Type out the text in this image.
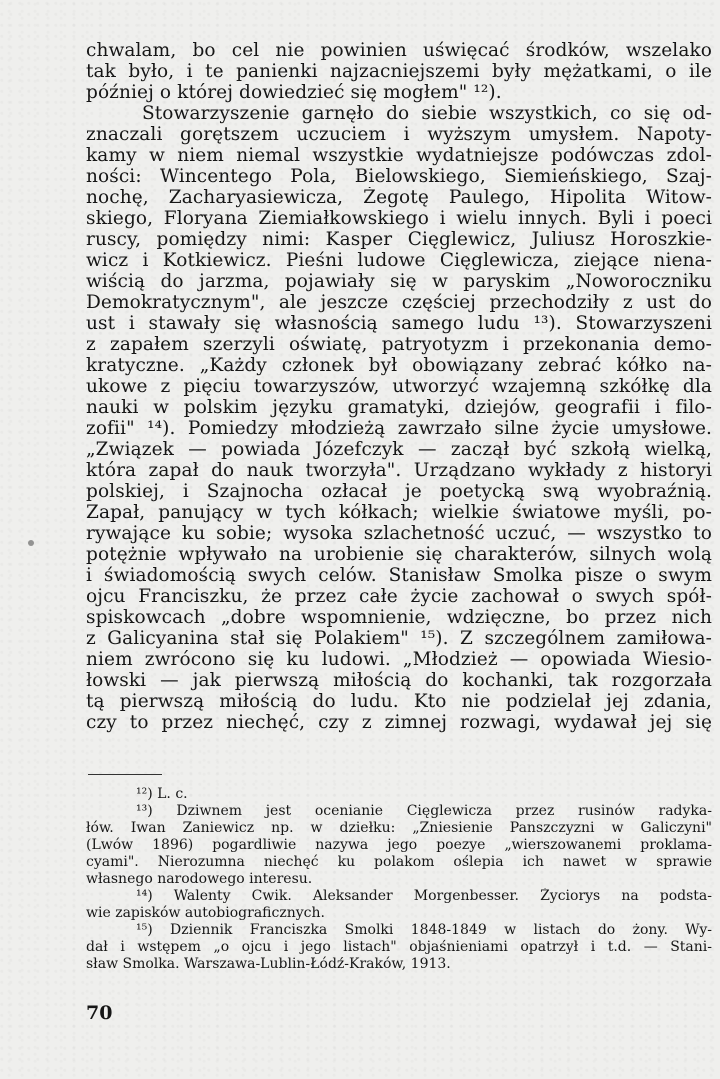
chwalam, bo cel nie powinien uświęcać środków, wszelako
tak było, i te panienki najzacniejszemi były mężatkami, o ile
później o której dowiedzieć się mogłem" ¹²).
Stowarzyszenie garnęło do siebie wszystkich, co się od-
znaczali gorętszem uczuciem i wyższym umysłem. Napoty-
kamy w niem niemal wszystkie wydatniejsze podówczas zdol-
ności: Wincentego Pola, Bielowskiego, Siemieńskiego, Szaj-
nochę, Zacharyasiewicza, Żegotę Paulego, Hipolita Witow-
skiego, Floryana Ziemiałkowskiego i wielu innych. Byli i poeci
ruscy, pomiędzy nimi: Kasper Cięglewicz, Juliusz Horoszkie-
wicz i Kotkiewicz. Pieśni ludowe Cięglewicza, ziejące niena-
wiścią do jarzma, pojawiały się w paryskim „Noworoczniku
Demokratycznym", ale jeszcze częściej przechodziły z ust do
ust i stawały się własnością samego ludu ¹³). Stowarzyszeni
z zapałem szerzyli oświatę, patryotyzm i przekonania demo-
kratyczne. „Każdy członek był obowiązany zebrać kółko na-
ukowe z pięciu towarzyszów, utworzyć wzajemną szkółkę dla
nauki w polskim języku gramatyki, dziejów, geografii i filo-
zofii" ¹⁴). Pomiedzy młodzieżą zawrzało silne życie umysłowe.
„Związek — powiada Józefczyk — zaczął być szkołą wielką,
która zapał do nauk tworzyła". Urządzano wykłady z historyi
polskiej, i Szajnocha ozłacał je poetycką swą wyobraźnią.
Zapał, panujący w tych kółkach; wielkie światowe myśli, po-
rywające ku sobie; wysoka szlachetność uczuć, — wszystko to
potężnie wpływało na urobienie się charakterów, silnych wolą
i świadomością swych celów. Stanisław Smolka pisze o swym
ojcu Franciszku, że przez całe życie zachował o swych spół-
spiskowcach „dobre wspomnienie, wdzięczne, bo przez nich
z Galicyanina stał się Polakiem" ¹⁵). Z szczególnem zamiłowa-
niem zwrócono się ku ludowi. „Młodzież — opowiada Wiesio-
łowski — jak pierwszą miłością do kochanki, tak rozgorzała
tą pierwszą miłością do ludu. Kto nie podzielał jej zdania,
czy to przez niechęć, czy z zimnej rozwagi, wydawał jej się
¹²) L. c.
¹³) Dziwnem jest ocenianie Cięglewicza przez rusinów radyka-
łów. Iwan Zaniewicz np. w dziełku: „Zniesienie Panszczyzni w Galiczyni"
(Lwów 1896) pogardliwie nazywa jego poezye „wierszowanemi proklama-
cyami". Nierozumna niechęć ku polakom oślepia ich nawet w sprawie
własnego narodowego interesu.
¹⁴) Walenty Cwik. Aleksander Morgenbesser. Życiorys na podsta-
wie zapisków autobiograficznych.
¹⁵) Dziennik Franciszka Smolki 1848-1849 w listach do żony. Wy-
dał i wstępem „o ojcu i jego listach" objaśnieniami opatrzył i t.d. — Stani-
sław Smolka. Warszawa-Lublin-Łódź-Kraków, 1913.
70
